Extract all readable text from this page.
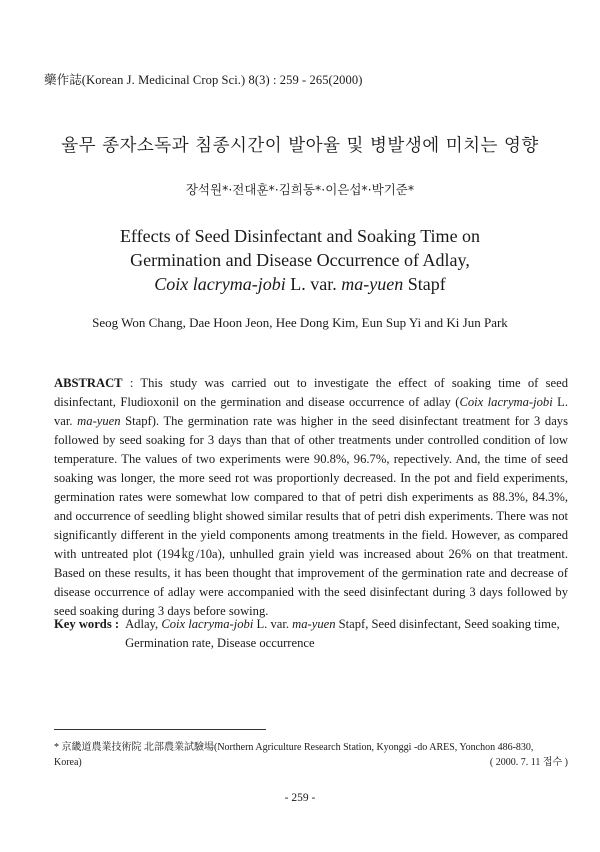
藥作誌(Korean J. Medicinal Crop Sci.) 8(3) : 259 - 265(2000)
율무 종자소독과 침종시간이 발아율 및 병발생에 미치는 영향
장석원*·전대훈*·김희동*·이은섭*·박기준*
Effects of Seed Disinfectant and Soaking Time on
Germination and Disease Occurrence of Adlay,
Coix lacryma-jobi L. var. ma-yuen Stapf
Seog Won Chang, Dae Hoon Jeon, Hee Dong Kim, Eun Sup Yi and Ki Jun Park
ABSTRACT : This study was carried out to investigate the effect of soaking time of seed disinfectant, Fludioxonil on the germination and disease occurrence of adlay (Coix lacryma-jobi L. var. ma-yuen Stapf). The germination rate was higher in the seed disinfectant treatment for 3 days followed by seed soaking for 3 days than that of other treatments under controlled condition of low temperature. The values of two experiments were 90.8%, 96.7%, repectively. And, the time of seed soaking was longer, the more seed rot was proportionly decreased. In the pot and field experiments, germination rates were somewhat low compared to that of petri dish experiments as 88.3%, 84.3%, and occurrence of seedling blight showed similar results that of petri dish experiments. There was not significantly different in the yield components among treatments in the field. However, as compared with untreated plot (194㎏/10a), unhulled grain yield was increased about 26% on that treatment. Based on these results, it has been thought that improvement of the germination rate and decrease of disease occurrence of adlay were accompanied with the seed disinfectant during 3 days followed by seed soaking during 3 days before sowing.
Key words : Adlay, Coix lacryma-jobi L. var. ma-yuen Stapf, Seed disinfectant, Seed soaking time, Germination rate, Disease occurrence
* 京畿道農業技術院 北部農業試驗場(Northern Agriculture Research Station, Kyonggi -do ARES, Yonchon 486-830,
Korea)	( 2000. 7. 11 접수 )
- 259 -
